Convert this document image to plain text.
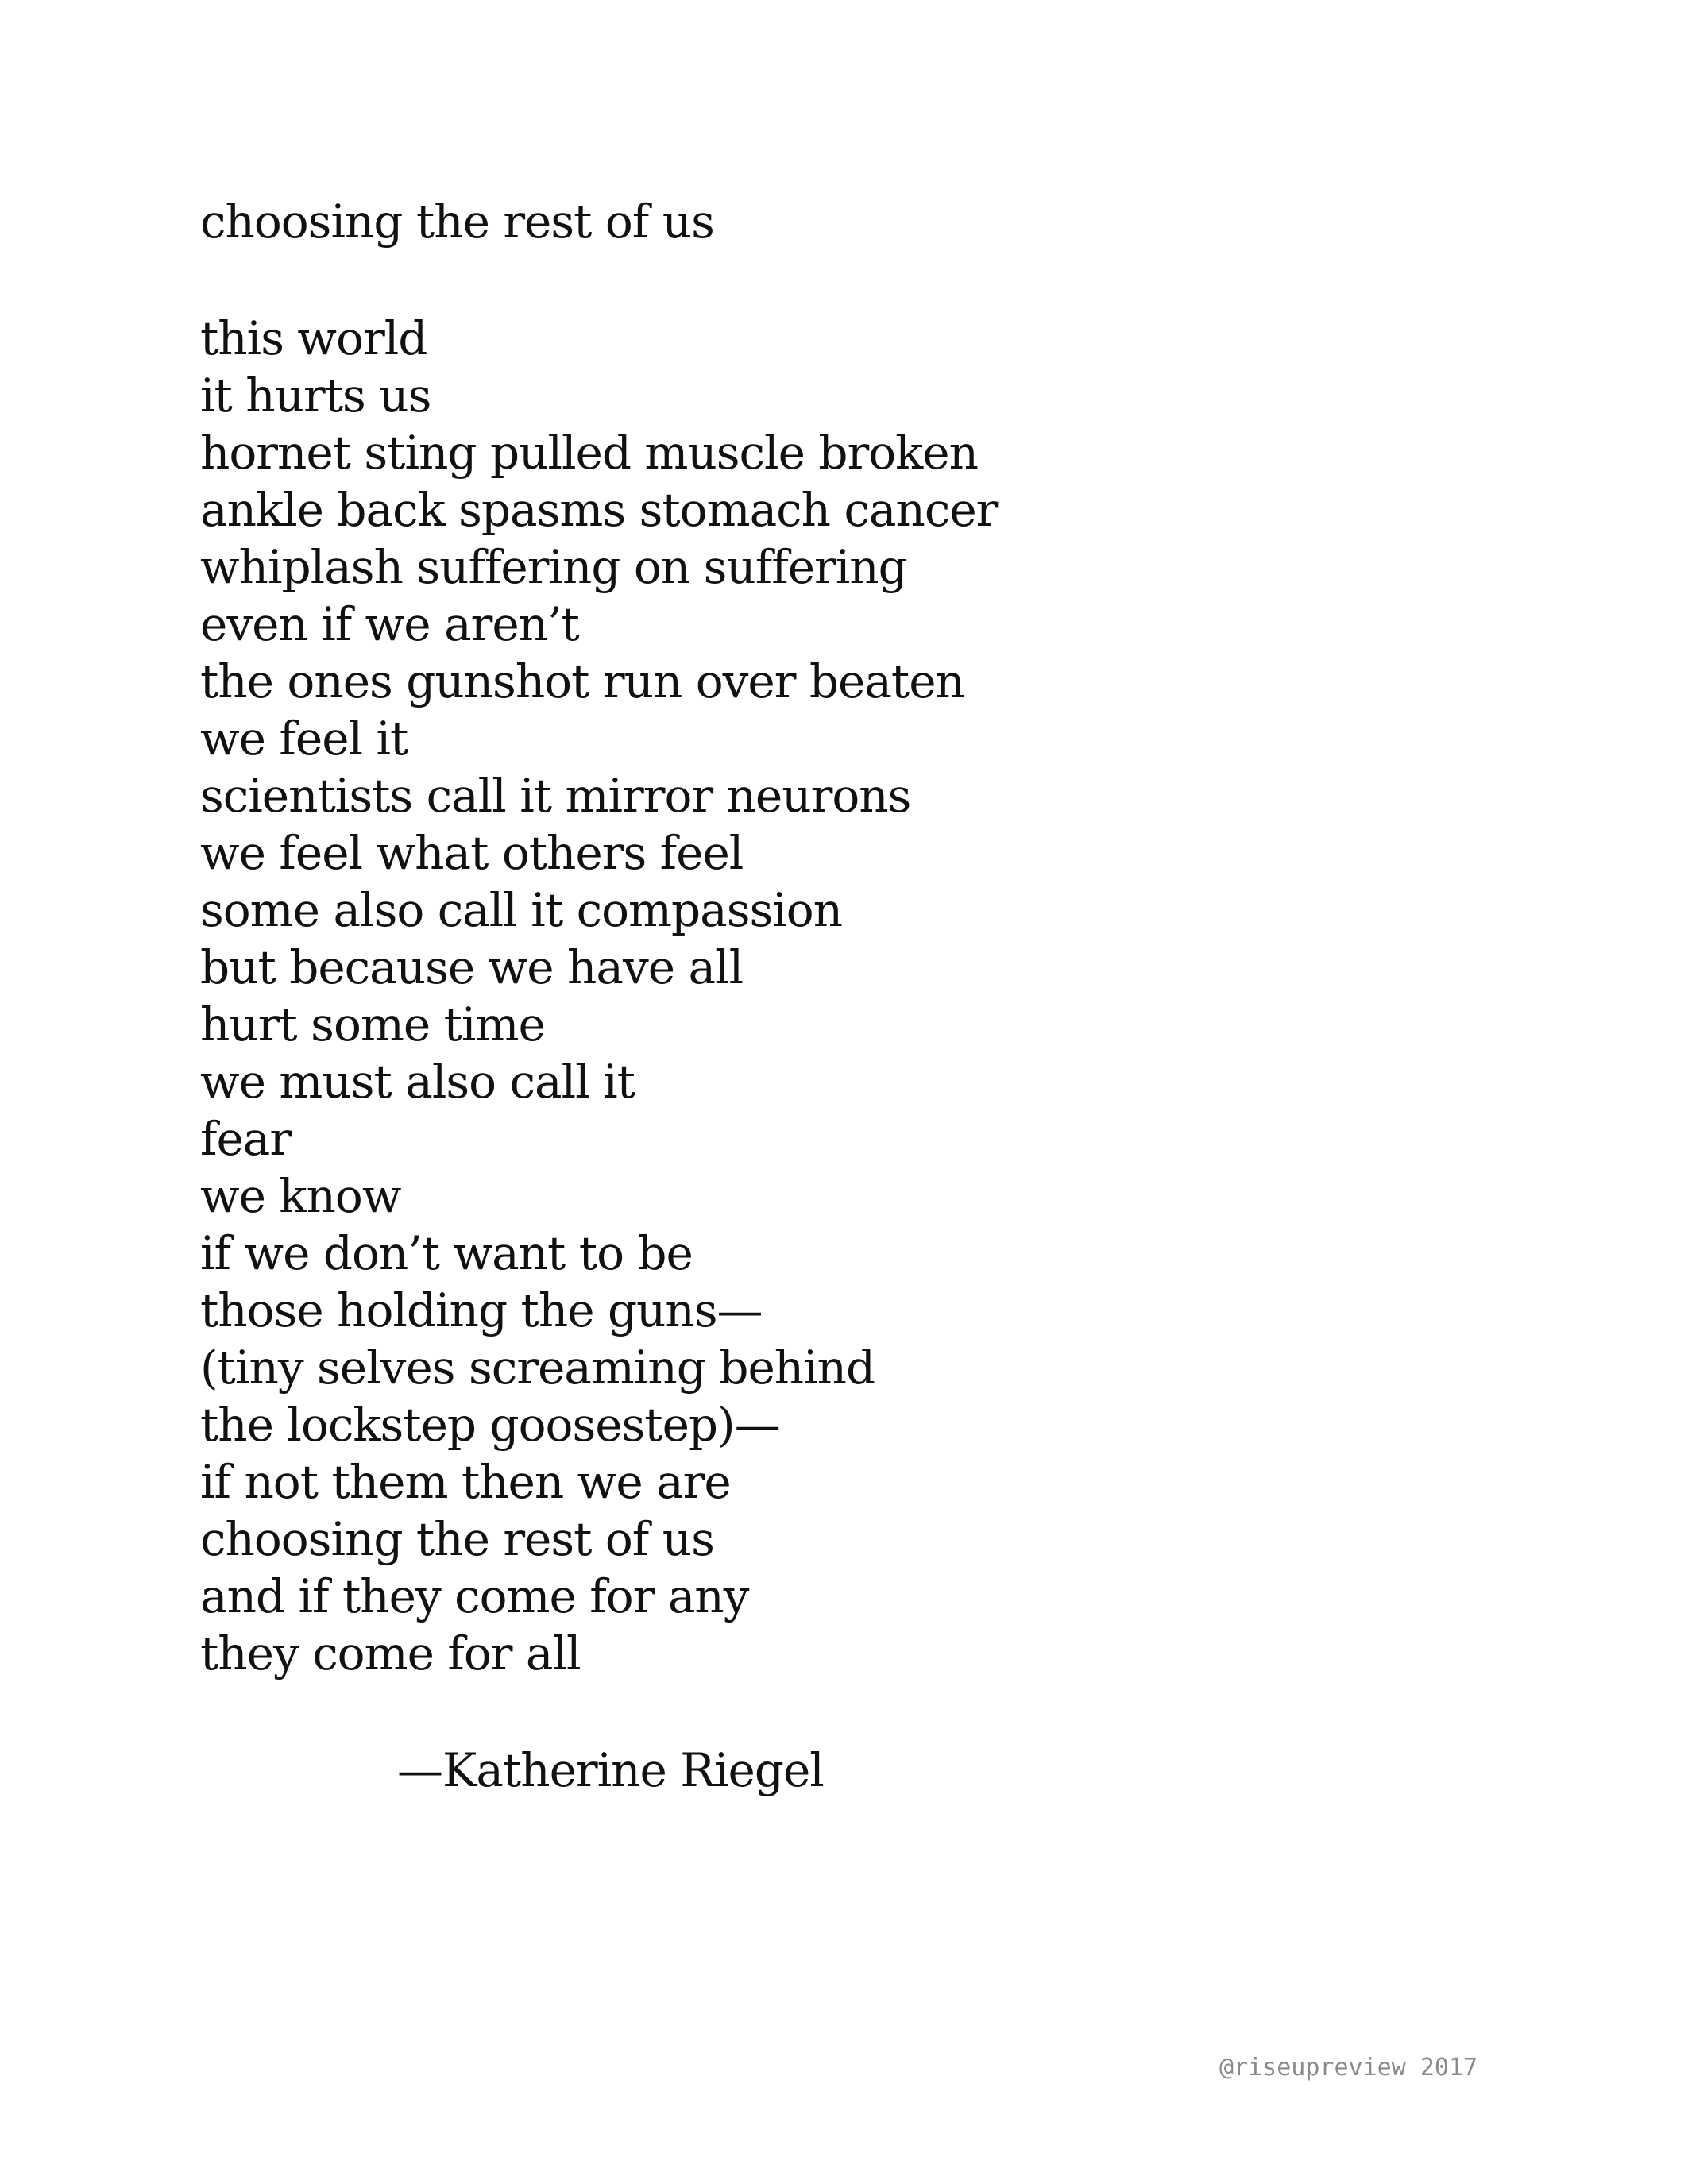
choosing the rest of us
this world
it hurts us
hornet sting pulled muscle broken
ankle back spasms stomach cancer
whiplash suffering on suffering
even if we aren’t
the ones gunshot run over beaten
we feel it
scientists call it mirror neurons
we feel what others feel
some also call it compassion
but because we have all
hurt some time
we must also call it
fear
we know
if we don’t want to be
those holding the guns—
(tiny selves screaming behind
the lockstep goosestep)—
if not them then we are
choosing the rest of us
and if they come for any
they come for all
—Katherine Riegel
@riseupreview 2017
